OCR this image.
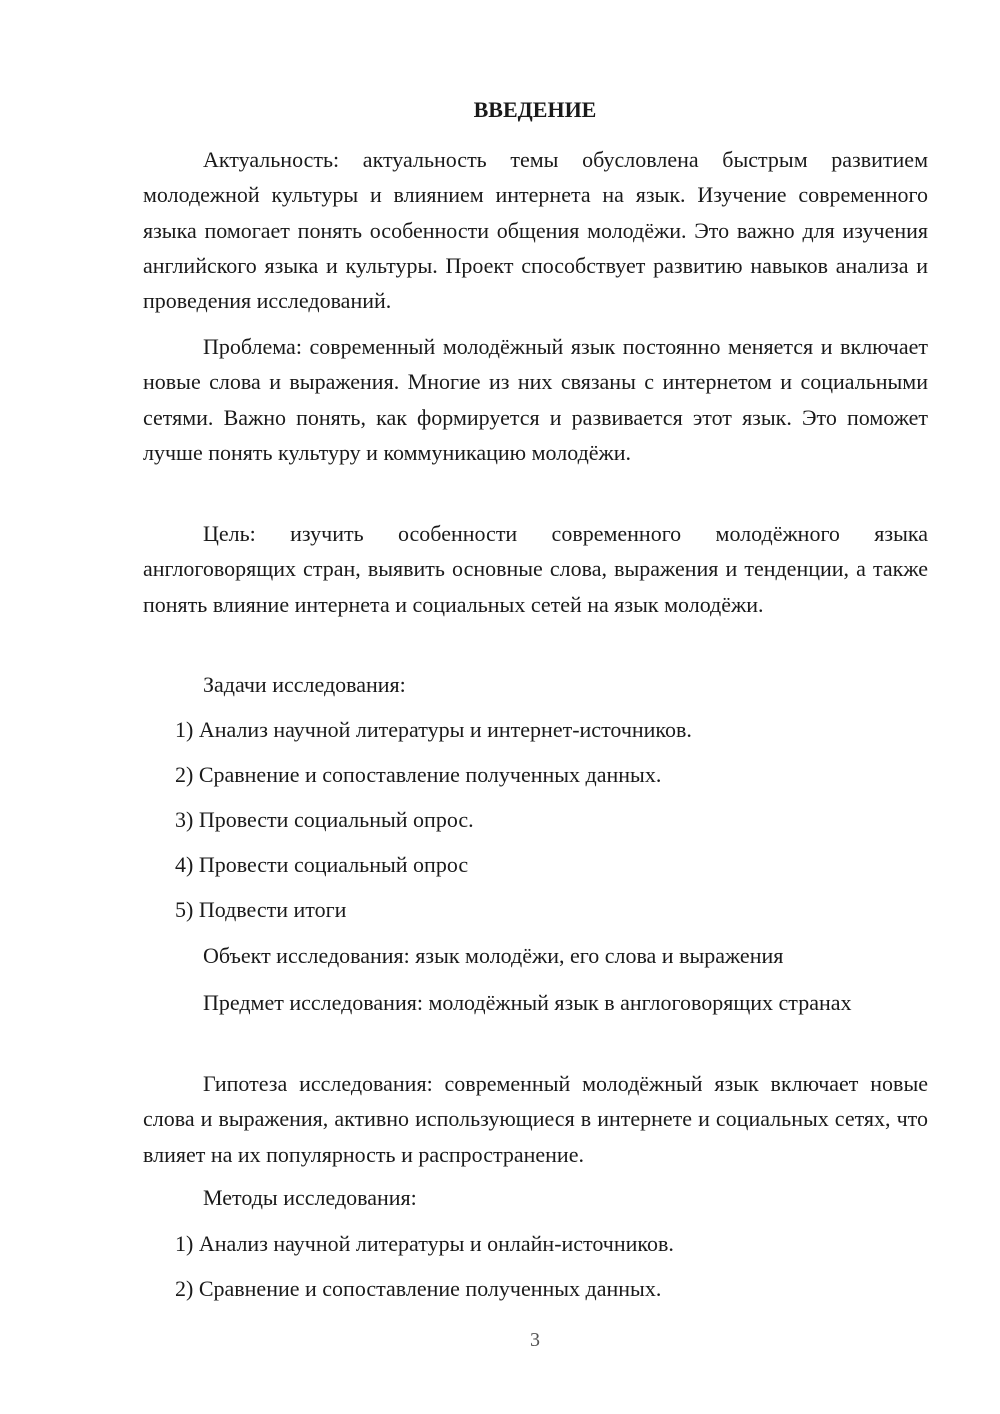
ВВЕДЕНИЕ

Актуальность: актуальность темы обусловлена быстрым развитием молодежной культуры и влиянием интернета на язык. Изучение современного языка помогает понять особенности общения молодёжи. Это важно для изучения английского языка и культуры. Проект способствует развитию навыков анализа и проведения исследований.

Проблема: современный молодёжный язык постоянно меняется и включает новые слова и выражения. Многие из них связаны с интернетом и социальными сетями. Важно понять, как формируется и развивается этот язык. Это поможет лучше понять культуру и коммуникацию молодёжи.

Цель: изучить особенности современного молодёжного языка англоговорящих стран, выявить основные слова, выражения и тенденции, а также понять влияние интернета и социальных сетей на язык молодёжи.

Задачи исследования:

1) Анализ научной литературы и интернет-источников.

2) Сравнение и сопоставление полученных данных.

3) Провести социальный опрос.

4) Провести социальный опрос

5) Подвести итоги

Объект исследования: язык молодёжи, его слова и выражения

Предмет исследования: молодёжный язык в англоговорящих странах

Гипотеза исследования: современный молодёжный язык включает новые слова и выражения, активно использующиеся в интернете и социальных сетях, что влияет на их популярность и распространение.

Методы исследования:

1) Анализ научной литературы и онлайн-источников.

2) Сравнение и сопоставление полученных данных.

3
